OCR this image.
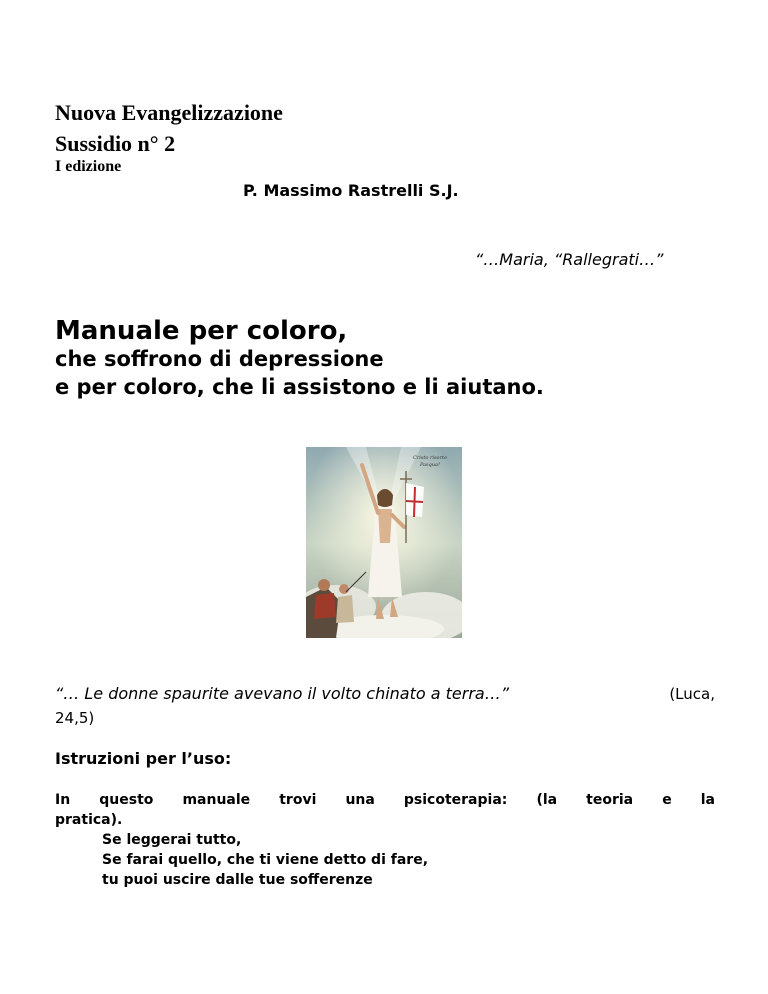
Nuova Evangelizzazione
Sussidio n° 2
I edizione
P. Massimo Rastrelli S.J.
“…Maria, “Rallegrati…”
Manuale per coloro,
che soffrono di depressione
e per coloro, che li assistono e li aiutano.
Cristo risorto
Pasqua!
“… Le donne spaurite avevano il volto chinato a terra…”	(Luca,
24,5)
Istruzioni per l’uso:
In questo manuale trovi una psicoterapia: (la teoria e la
pratica).
Se leggerai tutto,
Se farai quello, che ti viene detto di fare,
tu puoi uscire dalle tue sofferenze
